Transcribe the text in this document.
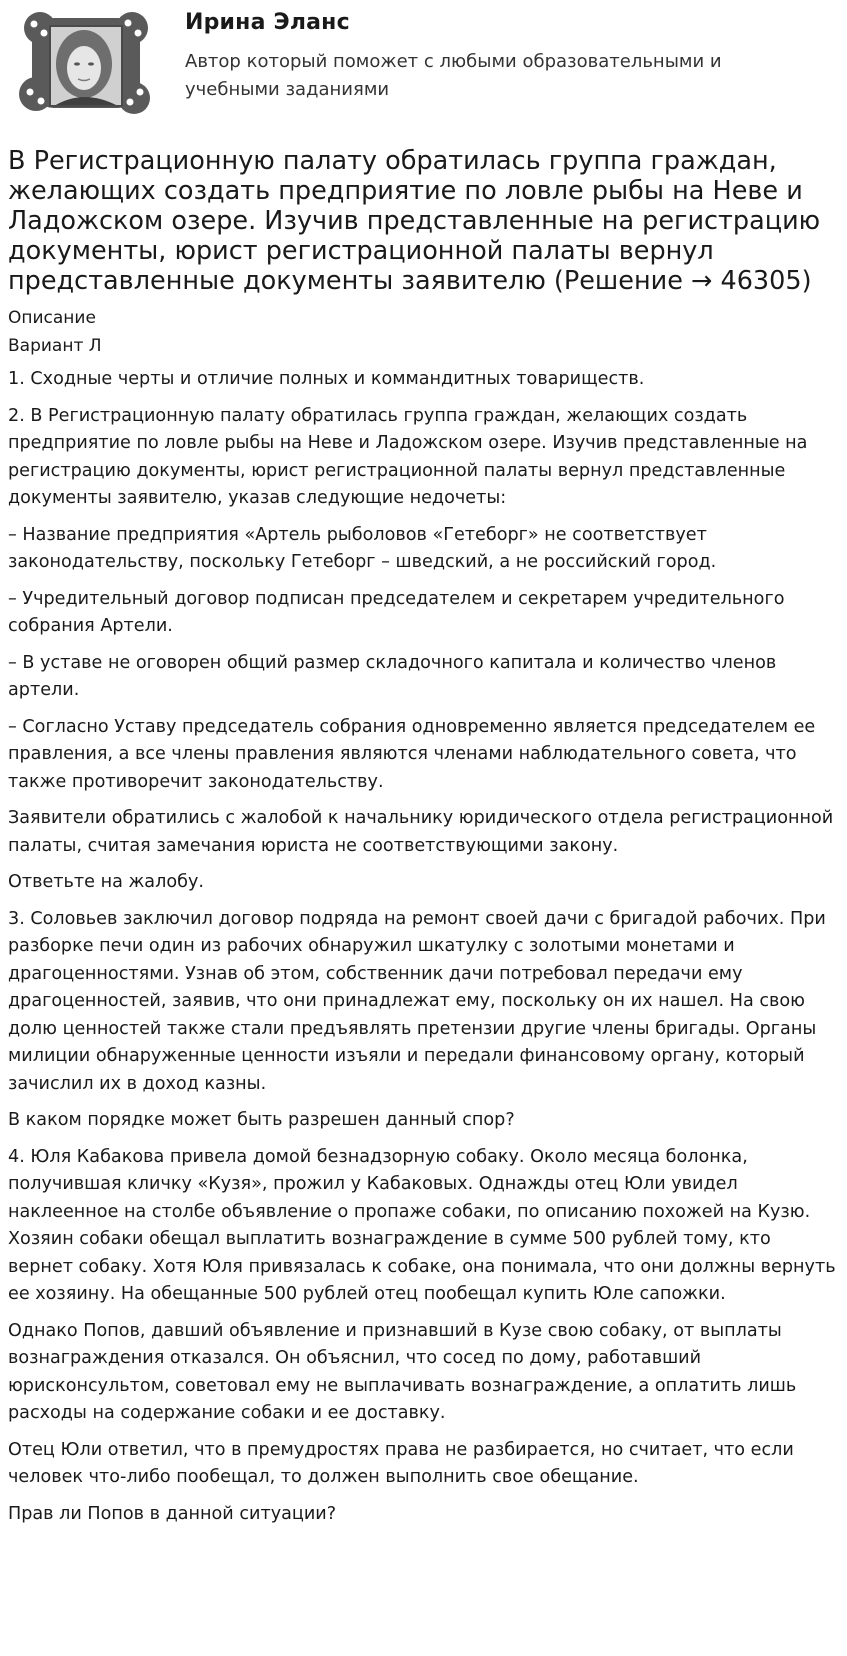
Ирина Эланс
Автор который поможет с любыми образовательными и учебными заданиями
В Регистрационную палату обратилась группа граждан, желающих создать предприятие по ловле рыбы на Неве и Ладожском озере. Изучив представленные на регистрацию документы, юрист регистрационной палаты вернул представленные документы заявителю (Решение → 46305)
Описание
Вариант Л

1. Сходные черты и отличие полных и коммандитных товариществ.

2. В Регистрационную палату обратилась группа граждан, желающих создать предприятие по ловле рыбы на Неве и Ладожском озере. Изучив представленные на регистрацию документы, юрист регистрационной палаты вернул представленные документы заявителю, указав следующие недочеты:

– Название предприятия «Артель рыболовов «Гетеборг» не соответствует законодательству, поскольку Гетеборг – шведский, а не российский город.

– Учредительный договор подписан председателем и секретарем учредительного собрания Артели.

– В уставе не оговорен общий размер складочного капитала и количество членов артели.

– Согласно Уставу председатель собрания одновременно является председателем ее правления, а все члены правления являются членами наблюдательного совета, что также противоречит законодательству.

Заявители обратились с жалобой к начальнику юридического отдела регистрационной палаты, считая замечания юриста не соответствующими закону.

Ответьте на жалобу.

3. Соловьев заключил договор подряда на ремонт своей дачи с бригадой рабочих. При разборке печи один из рабочих обнаружил шкатулку с золотыми монетами и драгоценностями. Узнав об этом, собственник дачи потребовал передачи ему драгоценностей, заявив, что они принадлежат ему, поскольку он их нашел. На свою долю ценностей также стали предъявлять претензии другие члены бригады. Органы милиции обнаруженные ценности изъяли и передали финансовому органу, который зачислил их в доход казны.

В каком порядке может быть разрешен данный спор?

4. Юля Кабакова привела домой безнадзорную собаку. Около месяца болонка, получившая кличку «Кузя», прожил у Кабаковых. Однажды отец Юли увидел наклеенное на столбе объявление о пропаже собаки, по описанию похожей на Кузю. Хозяин собаки обещал выплатить вознаграждение в сумме 500 рублей тому, кто вернет собаку. Хотя Юля привязалась к собаке, она понимала, что они должны вернуть ее хозяину. На обещанные 500 рублей отец пообещал купить Юле сапожки.

Однако Попов, давший объявление и признавший в Кузе свою собаку, от выплаты вознаграждения отказался. Он объяснил, что сосед по дому, работавший юрисконсультом, советовал ему не выплачивать вознаграждение, а оплатить лишь расходы на содержание собаки и ее доставку.

Отец Юли ответил, что в премудростях права не разбирается, но считает, что если человек что-либо пообещал, то должен выполнить свое обещание.

Прав ли Попов в данной ситуации?
